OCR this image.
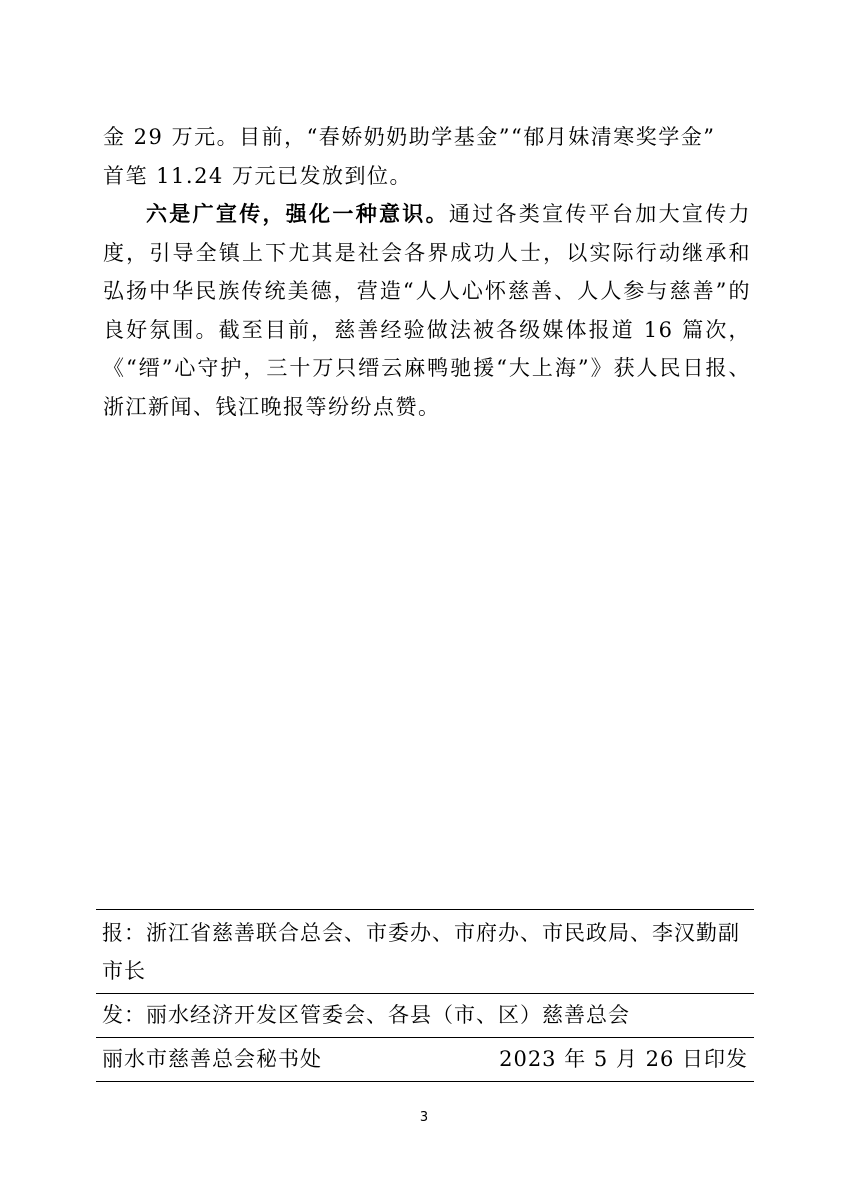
金 29 万元。目前，“春娇奶奶助学基金”“郁月妹清寒奖学金”
首笔 11.24 万元已发放到位。

六是广宣传，强化一种意识。通过各类宣传平台加大宣传力度，引导全镇上下尤其是社会各界成功人士，以实际行动继承和弘扬中华民族传统美德，营造“人人心怀慈善、人人参与慈善”的良好氛围。截至目前，慈善经验做法被各级媒体报道 16 篇次，《“缙”心守护，三十万只缙云麻鸭驰援“大上海”》获人民日报、浙江新闻、钱江晚报等纷纷点赞。

报：浙江省慈善联合总会、市委办、市府办、市民政局、李汉勤副市长
发：丽水经济开发区管委会、各县（市、区）慈善总会
丽水市慈善总会秘书处	2023 年 5 月 26 日印发
3
